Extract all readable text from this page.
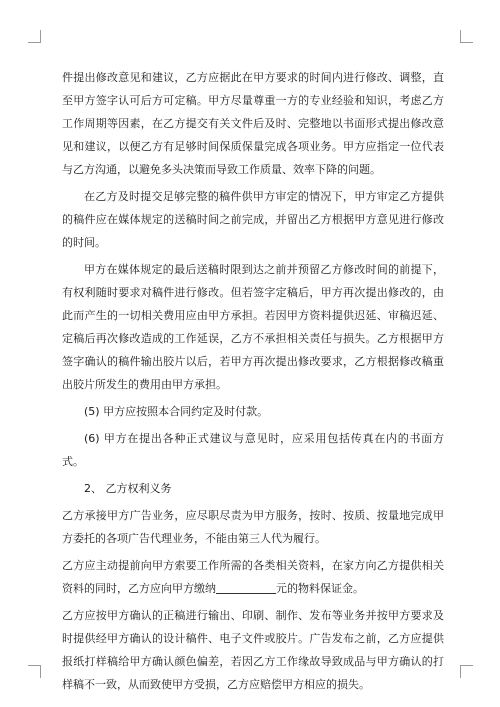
件提出修改意见和建议，乙方应据此在甲方要求的时间内进行修改、调整，直至甲方签字认可后方可定稿。甲方尽量尊重一方的专业经验和知识，考虑乙方工作周期等因素，在乙方提交有关文件后及时、完整地以书面形式提出修改意见和建议，以便乙方有足够时间保质保量完成各项业务。甲方应指定一位代表与乙方沟通，以避免多头决策而导致工作质量、效率下降的问题。

在乙方及时提交足够完整的稿件供甲方审定的情况下，甲方审定乙方提供的稿件应在媒体规定的送稿时间之前完成，并留出乙方根据甲方意见进行修改的时间。

甲方在媒体规定的最后送稿时限到达之前并预留乙方修改时间的前提下，有权利随时要求对稿件进行修改。但若签字定稿后，甲方再次提出修改的，由此而产生的一切相关费用应由甲方承担。若因甲方资料提供迟延、审稿迟延、定稿后再次修改造成的工作延误，乙方不承担相关责任与损失。乙方根据甲方签字确认的稿件输出胶片以后，若甲方再次提出修改要求，乙方根据修改稿重出胶片所发生的费用由甲方承担。

(5) 甲方应按照本合同约定及时付款。

(6) 甲方在提出各种正式建议与意见时，应采用包括传真在内的书面方式。

2、 乙方权利义务

乙方承接甲方广告业务，应尽职尽责为甲方服务，按时、按质、按量地完成甲方委托的各项广告代理业务，不能由第三人代为履行。

乙方应主动提前向甲方索要工作所需的各类相关资料，在家方向乙方提供相关资料的同时，乙方应向甲方缴纳	元的物料保证金。

乙方应按甲方确认的正稿进行输出、印刷、制作、发布等业务并按甲方要求及时提供经甲方确认的设计稿件、电子文件或胶片。广告发布之前，乙方应提供报纸打样稿给甲方确认颜色偏差，若因乙方工作缘故导致成品与甲方确认的打样稿不一致，从而致使甲方受损，乙方应赔偿甲方相应的损失。
